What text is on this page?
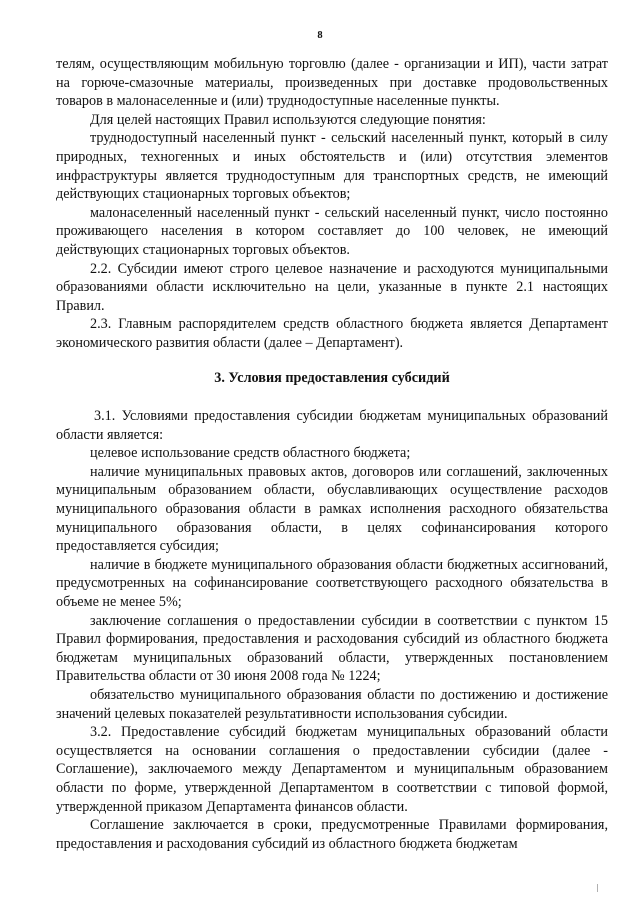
8

телям, осуществляющим мобильную торговлю (далее - организации и ИП), части затрат на горюче-смазочные материалы, произведенных при доставке продовольственных товаров в малонаселенные и (или) труднодоступные населенные пункты.

Для целей настоящих Правил используются следующие понятия:

труднодоступный населенный пункт - сельский населенный пункт, который в силу природных, техногенных и иных обстоятельств и (или) отсутствия элементов инфраструктуры является труднодоступным для транспортных средств, не имеющий действующих стационарных торговых объектов;

малонаселенный населенный пункт - сельский населенный пункт, число постоянно проживающего населения в котором составляет до 100 человек, не имеющий действующих стационарных торговых объектов.

2.2. Субсидии имеют строго целевое назначение и расходуются муниципальными образованиями области исключительно на цели, указанные в пункте 2.1 настоящих Правил.

2.3. Главным распорядителем средств областного бюджета является Департамент экономического развития области (далее – Департамент).

3. Условия предоставления субсидий

3.1. Условиями предоставления субсидии бюджетам муниципальных образований области является:

целевое использование средств областного бюджета;

наличие муниципальных правовых актов, договоров или соглашений, заключенных муниципальным образованием области, обуславливающих осуществление расходов муниципального образования области в рамках исполнения расходного обязательства муниципального образования области, в целях софинансирования которого предоставляется субсидия;

наличие в бюджете муниципального образования области бюджетных ассигнований, предусмотренных на софинансирование соответствующего расходного обязательства в объеме не менее 5%;

заключение соглашения о предоставлении субсидии в соответствии с пунктом 15 Правил формирования, предоставления и расходования субсидий из областного бюджета бюджетам муниципальных образований области, утвержденных постановлением Правительства области от 30 июня 2008 года № 1224;

обязательство муниципального образования области по достижению и достижение значений целевых показателей результативности использования субсидии.

3.2. Предоставление субсидий бюджетам муниципальных образований области осуществляется на основании соглашения о предоставлении субсидии (далее - Соглашение), заключаемого между Департаментом и муниципальным образованием области по форме, утвержденной Департаментом в соответствии с типовой формой, утвержденной приказом Департамента финансов области.

Соглашение заключается в сроки, предусмотренные Правилами формирования, предоставления и расходования субсидий из областного бюджета бюджетам
